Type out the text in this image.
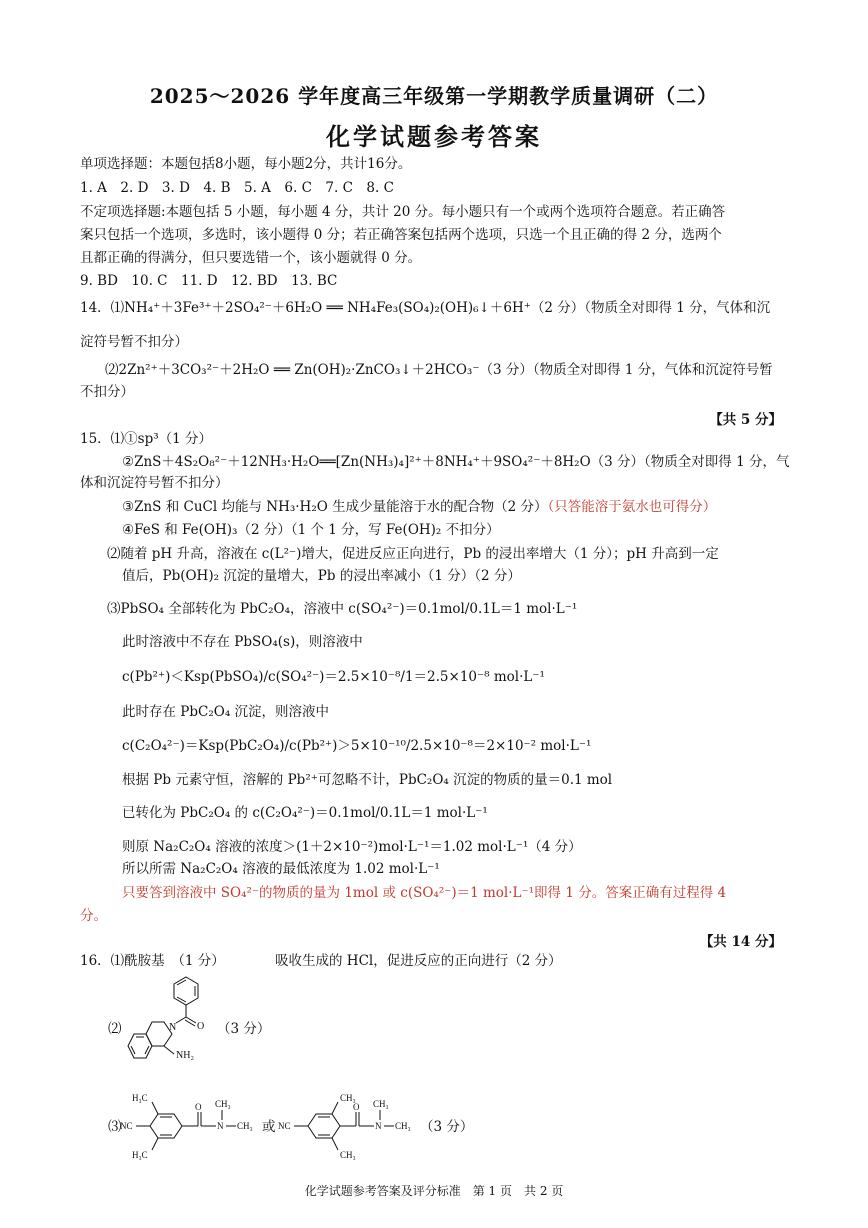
2025～2026 学年度高三年级第一学期教学质量调研（二）
化学试题参考答案
单项选择题：本题包括8小题，每小题2分，共计16分。
1. A　2. D　3. D　4. B　5. A　6. C　7. C　8. C
不定项选择题:本题包括 5 小题，每小题 4 分，共计 20 分。每小题只有一个或两个选项符合题意。若正确答
案只包括一个选项，多选时，该小题得 0 分；若正确答案包括两个选项，只选一个且正确的得 2 分，选两个
且都正确的得满分，但只要选错一个，该小题就得 0 分。
9. BD　10. C　11. D　12. BD　13. BC
14．⑴NH₄⁺＋3Fe³⁺＋2SO₄²⁻＋6H₂O ══ NH₄Fe₃(SO₄)₂(OH)₆↓＋6H⁺（2 分）（物质全对即得 1 分，气体和沉
淀符号暂不扣分）
⑵2Zn²⁺＋3CO₃²⁻＋2H₂O ══ Zn(OH)₂·ZnCO₃↓＋2HCO₃⁻（3 分）（物质全对即得 1 分，气体和沉淀符号暂
不扣分）
【共 5 分】
15．⑴①sp³（1 分）
②ZnS＋4S₂O₈²⁻＋12NH₃·H₂O══[Zn(NH₃)₄]²⁺＋8NH₄⁺＋9SO₄²⁻＋8H₂O（3 分）（物质全对即得 1 分，气
体和沉淀符号暂不扣分）
③ZnS 和 CuCl 均能与 NH₃·H₂O 生成少量能溶于水的配合物（2 分）（只答能溶于氨水也可得分）
④FeS 和 Fe(OH)₃（2 分）（1 个 1 分，写 Fe(OH)₂ 不扣分）
⑵随着 pH 升高，溶液在 c(L²⁻)增大，促进反应正向进行，Pb 的浸出率增大（1 分）；pH 升高到一定
值后，Pb(OH)₂ 沉淀的量增大，Pb 的浸出率减小（1 分）（2 分）
⑶PbSO₄ 全部转化为 PbC₂O₄，溶液中 c(SO₄²⁻)＝0.1mol/0.1L＝1 mol·L⁻¹
此时溶液中不存在 PbSO₄(s)，则溶液中
c(Pb²⁺)＜Ksp(PbSO₄)/c(SO₄²⁻)＝2.5×10⁻⁸/1＝2.5×10⁻⁸ mol·L⁻¹
此时存在 PbC₂O₄ 沉淀，则溶液中
c(C₂O₄²⁻)＝Ksp(PbC₂O₄)/c(Pb²⁺)＞5×10⁻¹⁰/2.5×10⁻⁸＝2×10⁻² mol·L⁻¹
根据 Pb 元素守恒，溶解的 Pb²⁺可忽略不计，PbC₂O₄ 沉淀的物质的量＝0.1 mol
已转化为 PbC₂O₄ 的 c(C₂O₄²⁻)＝0.1mol/0.1L＝1 mol·L⁻¹
则原 Na₂C₂O₄ 溶液的浓度＞(1＋2×10⁻²)mol·L⁻¹＝1.02 mol·L⁻¹（4 分）
所以所需 Na₂C₂O₄ 溶液的最低浓度为 1.02 mol·L⁻¹
只要答到溶液中 SO₄²⁻的物质的量为 1mol 或 c(SO₄²⁻)＝1 mol·L⁻¹即得 1 分。答案正确有过程得 4
分。
【共 14 分】
16．⑴酰胺基　（1 分）	吸收生成的 HCl，促进反应的正向进行（2 分）
⑵	（3 分）
O
N
NH₂
⑶
NC
H₃C
H₃C
O
N
CH₃
CH₃ 或 NC
CH₃
CH₃
O
N
CH₃
CH₃ （3 分）
化学试题参考答案及评分标准　第 1 页　共 2 页
